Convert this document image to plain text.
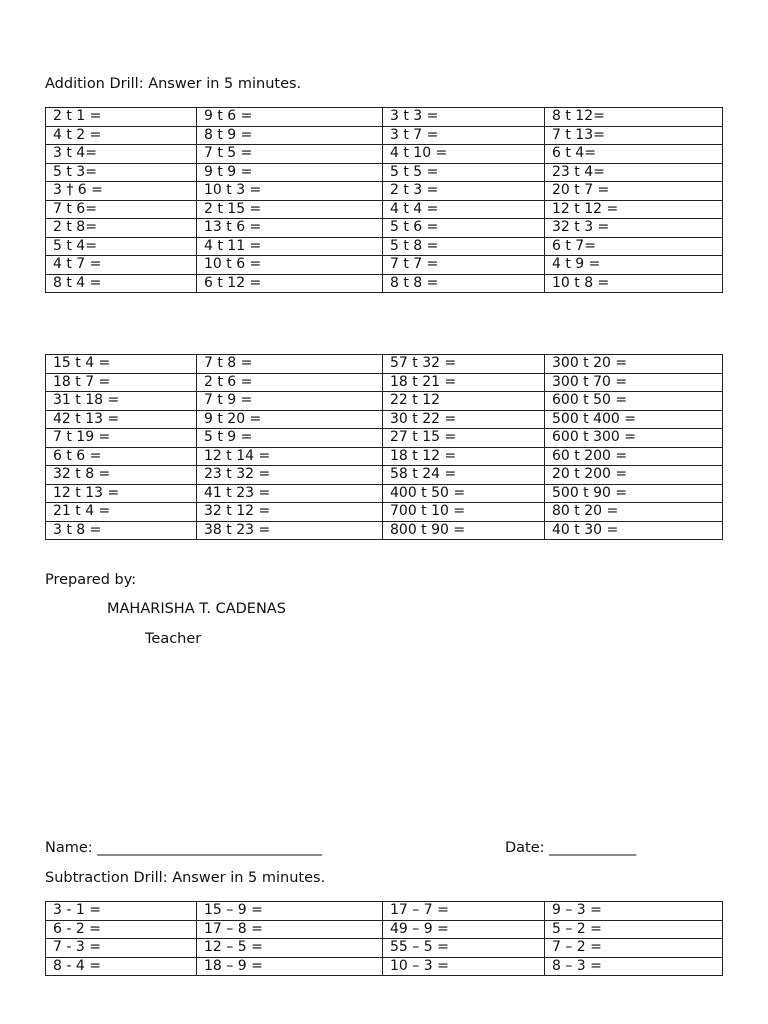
Addition Drill: Answer in 5 minutes.
2 t 1 =	9 t 6 =	3 t 3 =	8 t 12=
4 t 2 =	8 t 9 =	3 t 7 =	7 t 13=
3 t 4=	7 t 5 =	4 t 10 =	6 t 4=
5 t 3=	9 t 9 =	5 t 5 =	23 t 4=
3 † 6 =	10 t 3 =	2 t 3 =	20 t 7 =
7 t 6=	2 t 15 =	4 t 4 =	12 t 12 =
2 t 8=	13 t 6 =	5 t 6 =	32 t 3 =
5 t 4=	4 t 11 =	5 t 8 =	6 t 7=
4 t 7 =	10 t 6 =	7 t 7 =	4 t 9 =
8 t 4 =	6 t 12 =	8 t 8 =	10 t 8 =
15 t 4 =	7 t 8 =	57 t 32 =	300 t 20 =
18 t 7 =	2 t 6 =	18 t 21 =	300 t 70 =
31 t 18 =	7 t 9 =	22 t 12	600 t 50 =
42 t 13 =	9 t 20 =	30 t 22 =	500 t 400 =
7 t 19 =	5 t 9 =	27 t 15 =	600 t 300 =
6 t 6 =	12 t 14 =	18 t 12 =	60 t 200 =
32 t 8 =	23 t 32 =	58 t 24 =	20 t 200 =
12 t 13 =	41 t 23 =	400 t 50 =	500 t 90 =
21 t 4 =	32 t 12 =	700 t 10 =	80 t 20 =
3 t 8 =	38 t 23 =	800 t 90 =	40 t 30 =
Prepared by:
MAHARISHA T. CADENAS
Teacher
Name: _______________________________	Date: ____________
Subtraction Drill: Answer in 5 minutes.
3 - 1 =	15 – 9 =	17 – 7 =	9 – 3 =
6 - 2 =	17 – 8 =	49 – 9 =	5 – 2 =
7 - 3 =	12 – 5 =	55 – 5 =	7 – 2 =
8 - 4 =	18 – 9 =	10 – 3 =	8 – 3 =
